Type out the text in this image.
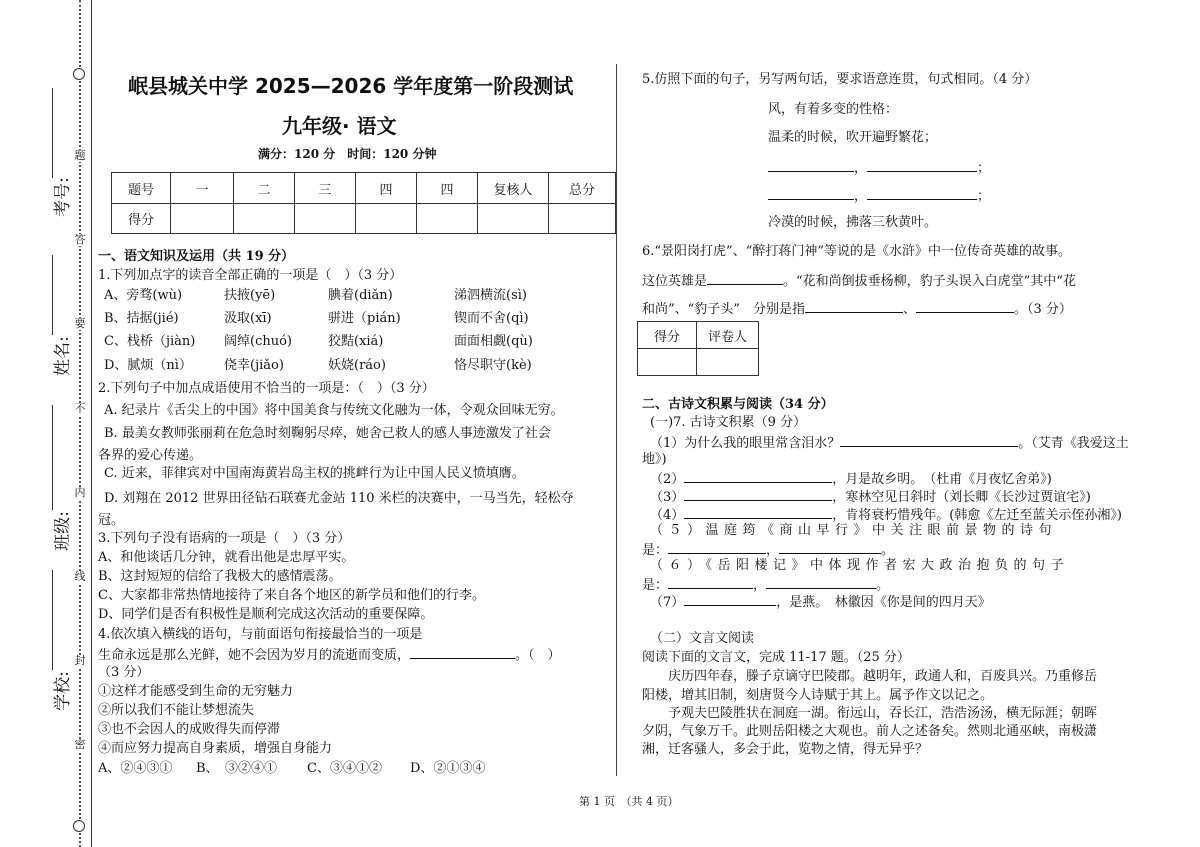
题
答
要
不
内
线
封
密
考号:
姓名:
班级:
学校:
岷县城关中学 2025—2026 学年度第一阶段测试
九年级· 语文
满分：120 分　时间：120 分钟
题号	一	二	三	四	四	复核人	总分
得分							
一、语文知识及运用（共 19 分）
1.下列加点字的读音全部正确的一项是（　）（3 分）
A、旁骛(wù)	扶掖(yē)	腆着(diǎn)	涕泗横流(sì)
B、拮据(jié)	汲取(xī)	骈进（pián)	锲而不舍(qì)
C、栈桥（jiàn) 阔绰(chuó)	狡黠(xiá)	面面相觑(qù)
D、腻烦（nì） 侥幸(jiǎo)	妖娆(ráo)	恪尽职守(kè)
2.下列句子中加点成语使用不恰当的一项是：（　）（3 分）
A. 纪录片《舌尖上的中国》将中国美食与传统文化融为一体，令观众回味无穷。
B. 最美女教师张丽莉在危急时刻鞠躬尽瘁，她舍己救人的感人事迹激发了社会
各界的爱心传递。
C. 近来，菲律宾对中国南海黄岩岛主权的挑衅行为让中国人民义愤填膺。
D. 刘翔在 2012 世界田径钻石联赛尤金站 110 米栏的决赛中，一马当先，轻松夺
冠。
3.下列句子没有语病的一项是（　）（3 分）
A、和他谈话几分钟，就看出他是忠厚平实。
B、这封短短的信给了我极大的感情震荡。
C、大家都非常热情地接待了来自各个地区的新学员和他们的行李。
D、同学们是否有积极性是顺利完成这次活动的重要保障。
4.依次填入横线的语句，与前面语句衔接最恰当的一项是
生命永远是那么光鲜，她不会因为岁月的流逝而变质，	。（　）
（3 分）
①这样才能感受到生命的无穷魅力
②所以我们不能让梦想流失
③也不会因人的成败得失而停滞
④而应努力提高自身素质，增强自身能力
A、②④③① B、　③②④① C、③④①② D、②①③④
5.仿照下面的句子，另写两句话，要求语意连贯，句式相同。（4 分）
风，有着多变的性格：
温柔的时候，吹开遍野繁花；
，	；
，	；
冷漠的时候，拂落三秋黄叶。
6.“景阳岗打虎”、“醉打蒋门神”等说的是《水浒》中一位传奇英雄的故事。
这位英雄是	。“花和尚倒拔垂杨柳，豹子头误入白虎堂”其中“花
和尚”、“豹子头”　分别是指	、	。（3 分）
得分	评卷人

二、古诗文积累与阅读（34 分）
(一)7. 古诗文积累（9 分）
（1）为什么我的眼里常含泪水？	。（艾青《我爱这土
地》)
（2）	，月是故乡明。　（杜甫《月夜忆舍弟》)
（3）	，寒林空见日斜时（刘长卿《长沙过贾谊宅》)
（4）	，肯将衰朽惜残年。(韩愈《左迁至蓝关示侄孙湘》)
（５）温庭筠《商山早行》中关注眼前景物的诗句
是：	，	。
（６）《岳阳楼记》中体现作者宏大政治抱负的句子
是：	，	。
（7）	，是燕。　林徽因《你是间的四月天》
（二）文言文阅读
阅读下面的文言文，完成 11-17 题。（25 分）
　　庆历四年春，滕子京谪守巴陵郡。越明年，政通人和，百废具兴。乃重修岳
阳楼，增其旧制，刻唐贤今人诗赋于其上。属予作文以记之。
　　予观夫巴陵胜状在洞庭一湖。衔远山，吞长江，浩浩汤汤，横无际涯；朝晖
夕阴，气象万千。此则岳阳楼之大观也。前人之述备矣。然则北通巫峡，南极潇
湘，迁客骚人，多会于此，览物之情，得无异乎？
第 1 页　（共 4 页）
